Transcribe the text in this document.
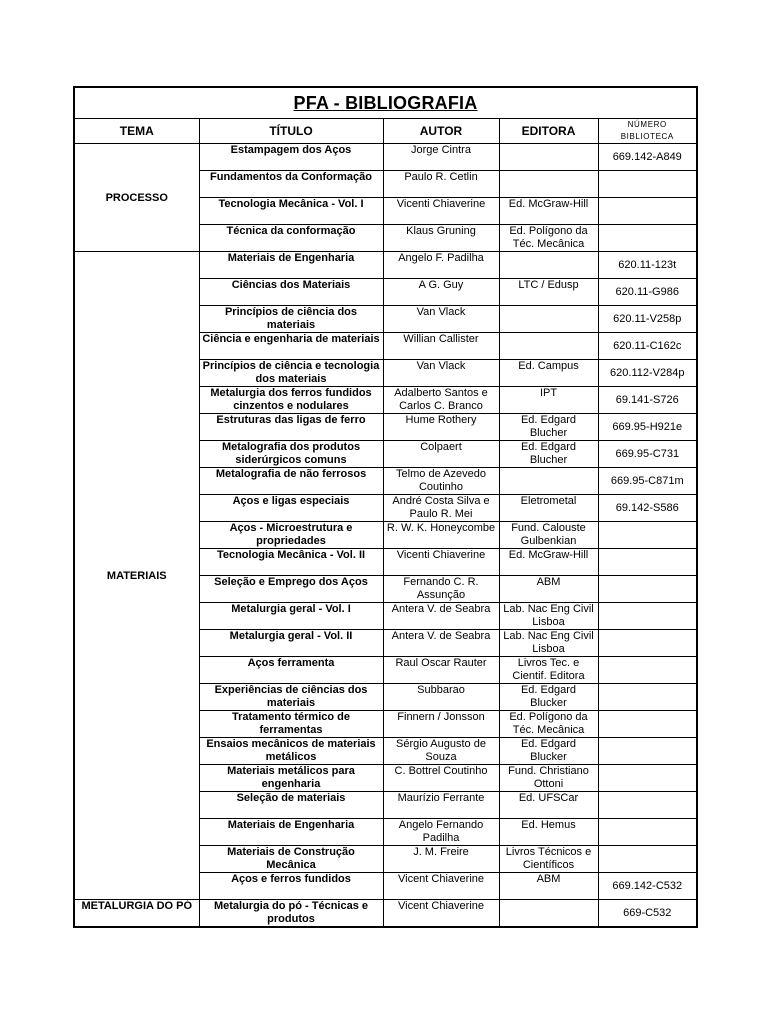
PFA - BIBLIOGRAFIA				
TEMA	TÍTULO	AUTOR	EDITORA	NÚMERO BIBLIOTECA
PROCESSO	Estampagem dos Aços	Jorge Cintra		669.142-A849
	Fundamentos da Conformação	Paulo R. Cetlin		
	Tecnologia Mecânica - Vol. I	Vicenti Chiaverine	Ed. McGraw-Hill	
	Técnica da conformação	Klaus Gruning	Ed. Polígono da Téc. Mecânica	
MATERIAIS	Materiais de Engenharia	Angelo F. Padilha		620.11-123t
	Ciências dos Materiais	A G. Guy	LTC / Edusp	620.11-G986
	Princípios de ciência dos materiais	Van Vlack		620.11-V258p
	Ciência e engenharia de materiais	Willian Callister		620.11-C162c
	Princípios de ciência e tecnologia dos materiais	Van Vlack	Ed. Campus	620.112-V284p
	Metalurgia dos ferros fundidos cinzentos e nodulares	Adalberto Santos e Carlos C. Branco	IPT	69.141-S726
	Estruturas das ligas de ferro	Hume Rothery	Ed. Edgard Blucher	669.95-H921e
	Metalografia dos produtos siderúrgicos comuns	Colpaert	Ed. Edgard Blucher	669.95-C731
	Metalografia de não ferrosos	Telmo de Azevedo Coutinho		669.95-C871m
	Aços e ligas especiais	André Costa Silva e Paulo R. Mei	Eletrometal	69.142-S586
	Aços - Microestrutura e propriedades	R. W. K. Honeycombe	Fund. Calouste Gulbenkian	
	Tecnologia Mecânica - Vol. II	Vicenti Chiaverine	Ed. McGraw-Hill	
	Seleção e Emprego dos Aços	Fernando C. R. Assunção	ABM	
	Metalurgia geral - Vol. I	Antera V. de Seabra	Lab. Nac Eng Civil Lisboa	
	Metalurgia geral - Vol. II	Antera V. de Seabra	Lab. Nac Eng Civil Lisboa	
	Aços ferramenta	Raul Oscar Rauter	Livros Tec. e Cientif. Editora	
	Experiências de ciências dos materiais	Subbarao	Ed. Edgard Blucker	
	Tratamento térmico de ferramentas	Finnern / Jonsson	Ed. Polígono da Téc. Mecânica	
	Ensaios mecânicos de materiais metálicos	Sérgio Augusto de Souza	Ed. Edgard Blucker	
	Materiais metálicos para engenharia	C. Bottrel Coutinho	Fund. Christiano Ottoni	
	Seleção de materiais	Maurízio Ferrante	Ed. UFSCar	
	Materiais de Engenharia	Angelo Fernando Padilha	Ed. Hemus	
	Materiais de Construção Mecânica	J. M. Freire	Livros Técnicos e Científicos	
	Aços e ferros fundidos	Vicent Chiaverine	ABM	669.142-C532
METALURGIA DO PÓ	Metalurgia do pó - Técnicas e produtos	Vicent Chiaverine		669-C532
